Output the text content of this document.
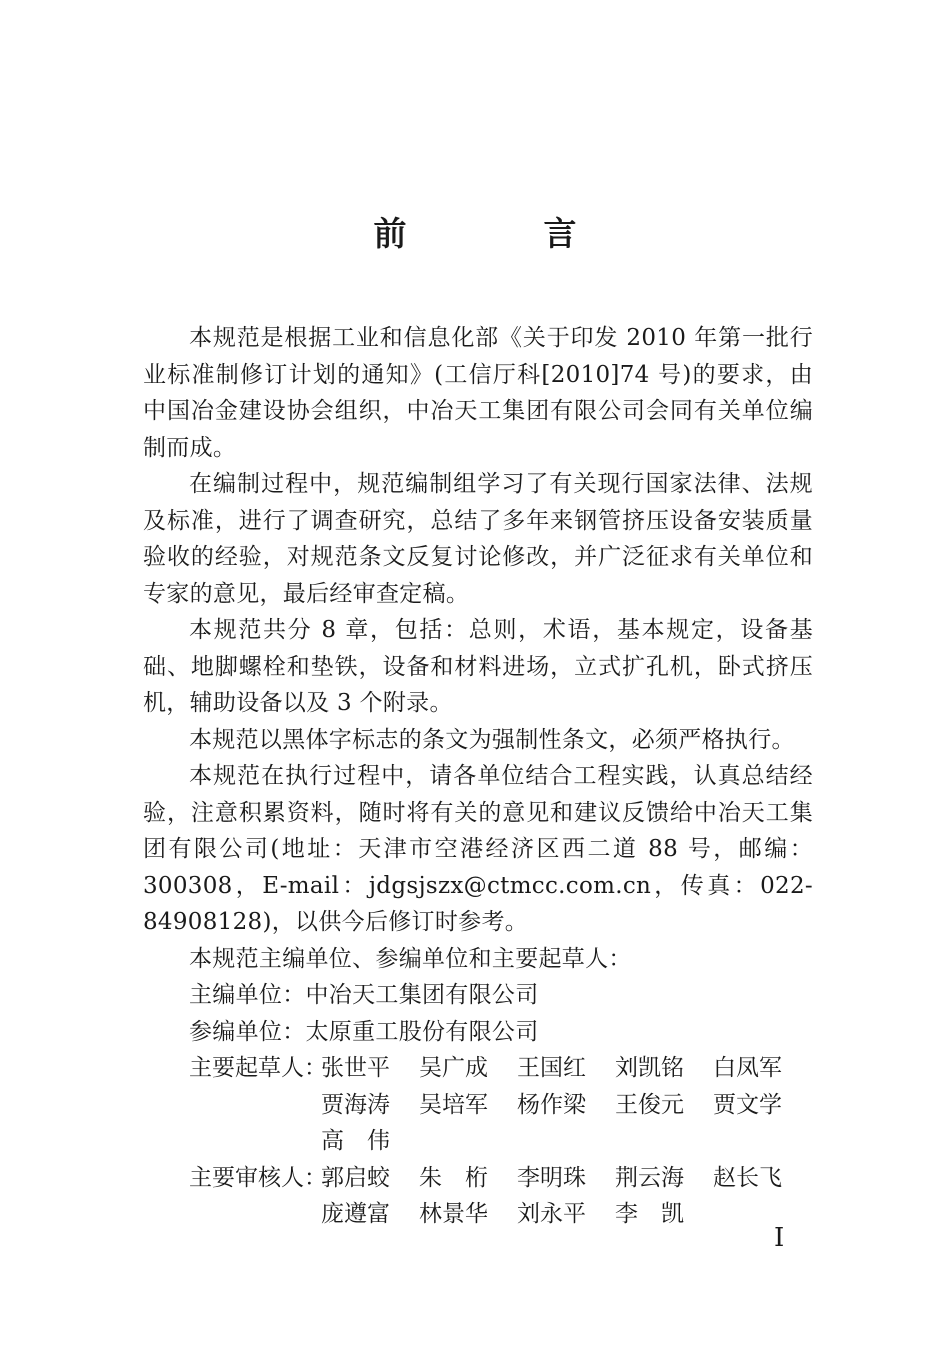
前　言

本规范是根据工业和信息化部《关于印发 2010 年第一批行业标准制修订计划的通知》(工信厅科[2010]74 号)的要求，由中国冶金建设协会组织，中冶天工集团有限公司会同有关单位编制而成。

在编制过程中，规范编制组学习了有关现行国家法律、法规及标准，进行了调查研究，总结了多年来钢管挤压设备安装质量验收的经验，对规范条文反复讨论修改，并广泛征求有关单位和专家的意见，最后经审查定稿。

本规范共分 8 章，包括：总则，术语，基本规定，设备基础、地脚螺栓和垫铁，设备和材料进场，立式扩孔机，卧式挤压机，辅助设备以及 3 个附录。

本规范以黑体字标志的条文为强制性条文，必须严格执行。

本规范在执行过程中，请各单位结合工程实践，认真总结经验，注意积累资料，随时将有关的意见和建议反馈给中冶天工集团有限公司(地址：天津市空港经济区西二道 88 号，邮编：300308，E-mail：jdgsjszx@ctmcc.com.cn，传真：022-84908128)，以供今后修订时参考。

本规范主编单位、参编单位和主要起草人：

主编单位：中冶天工集团有限公司

参编单位：太原重工股份有限公司

主要起草人：
张世平	吴广成	王国红	刘凯铭	白凤军
贾海涛	吴培军	杨作梁	王俊元	贾文学
高　伟
主要审核人：
郭启蛟	朱　桁	李明珠	荆云海	赵长飞
庞遵富	林景华	刘永平	李　凯
I
